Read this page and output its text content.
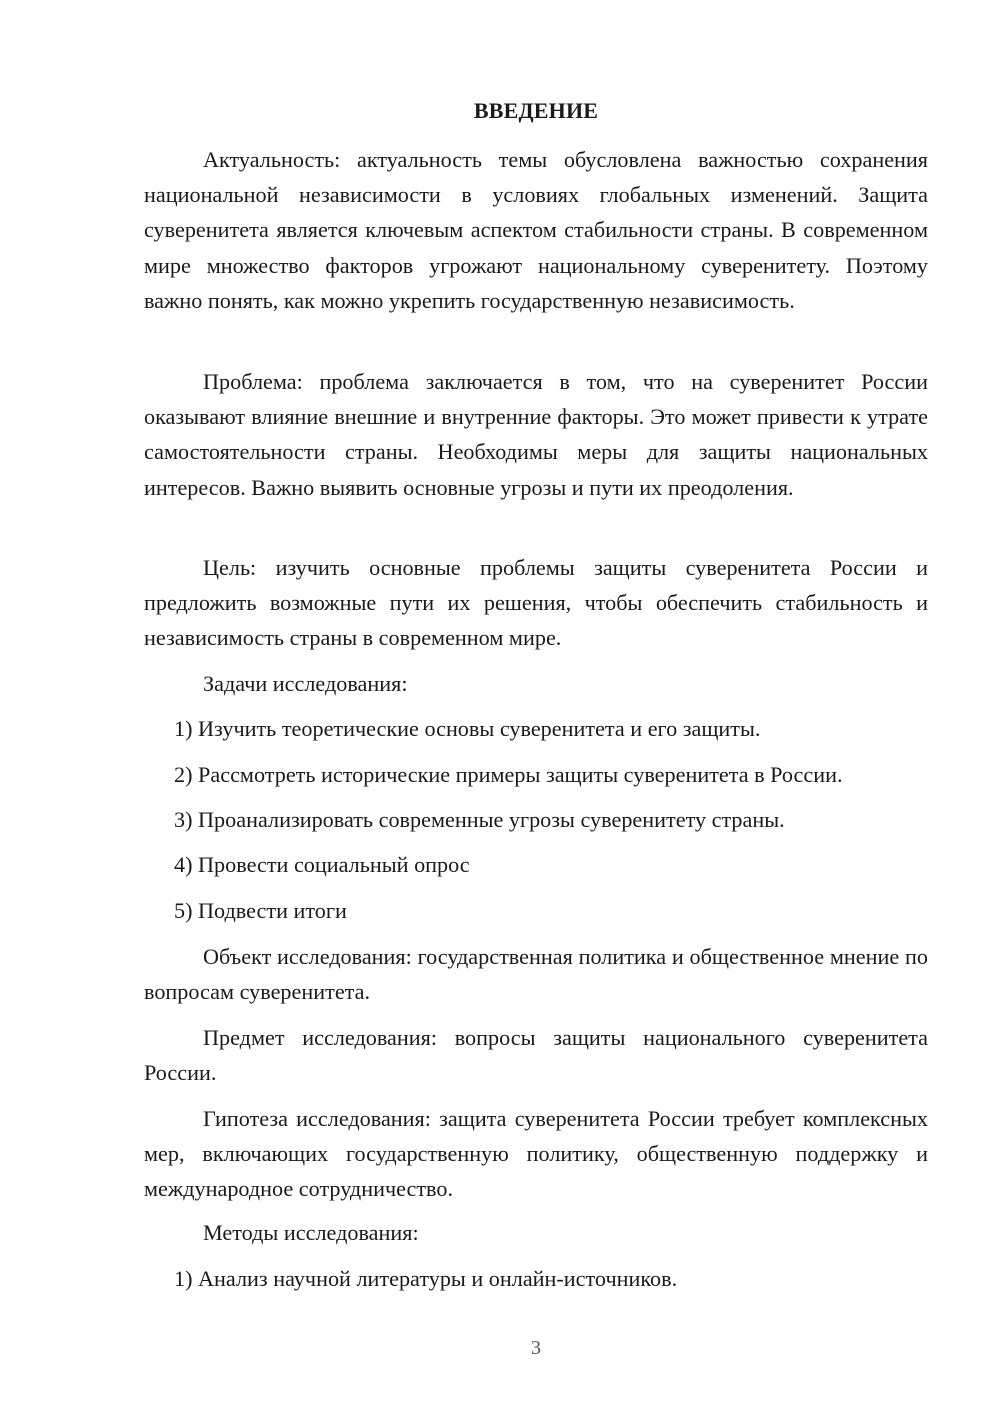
ВВЕДЕНИЕ

Актуальность: актуальность темы обусловлена важностью сохранения национальной независимости в условиях глобальных изменений. Защита суверенитета является ключевым аспектом стабильности страны. В современном мире множество факторов угрожают национальному суверенитету. Поэтому важно понять, как можно укрепить государственную независимость.

Проблема: проблема заключается в том, что на суверенитет России оказывают влияние внешние и внутренние факторы. Это может привести к утрате самостоятельности страны. Необходимы меры для защиты национальных интересов. Важно выявить основные угрозы и пути их преодоления.

Цель: изучить основные проблемы защиты суверенитета России и предложить возможные пути их решения, чтобы обеспечить стабильность и независимость страны в современном мире.

Задачи исследования:

1) Изучить теоретические основы суверенитета и его защиты.

2) Рассмотреть исторические примеры защиты суверенитета в России.

3) Проанализировать современные угрозы суверенитету страны.

4) Провести социальный опрос

5) Подвести итоги

Объект исследования: государственная политика и общественное мнение по вопросам суверенитета.

Предмет исследования: вопросы защиты национального суверенитета России.

Гипотеза исследования: защита суверенитета России требует комплексных мер, включающих государственную политику, общественную поддержку и международное сотрудничество.

Методы исследования:

1) Анализ научной литературы и онлайн-источников.

3
